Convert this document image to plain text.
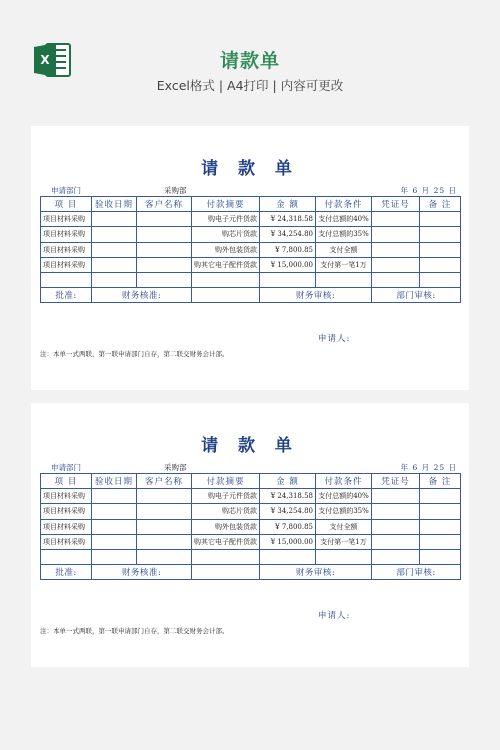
X	请款单
Excel格式 | A4打印 | 内容可更改
请 款 单
申请部门	采购部	年 6 月 25 日
项 目	验收日期	客户名称	付款摘要	金 额	付款条件	凭证号	备 注
项目材料采购			购电子元件货款	¥ 24,318.58	支付总额的40%		
项目材料采购			购芯片货款	¥ 34,254.80	支付总额的35%		
项目材料采购			购外包装货款	¥ 7,800.85	支付全额		
项目材料采购			购其它电子配件货款	¥ 15,000.00	支付第一笔1万		

批准:	财务核准:			财务审核:		部门审核:	
申请人:
注：本单一式两联，第一联申请部门自存，第二联交财务会计部。
请 款 单
申请部门	采购部	年 6 月 25 日
项 目	验收日期	客户名称	付款摘要	金 额	付款条件	凭证号	备 注
项目材料采购			购电子元件货款	¥ 24,318.58	支付总额的40%		
项目材料采购			购芯片货款	¥ 34,254.80	支付总额的35%		
项目材料采购			购外包装货款	¥ 7,800.85	支付全额		
项目材料采购			购其它电子配件货款	¥ 15,000.00	支付第一笔1万		

批准:	财务核准:			财务审核:		部门审核:	
申请人:
注：本单一式两联，第一联申请部门自存，第二联交财务会计部。
